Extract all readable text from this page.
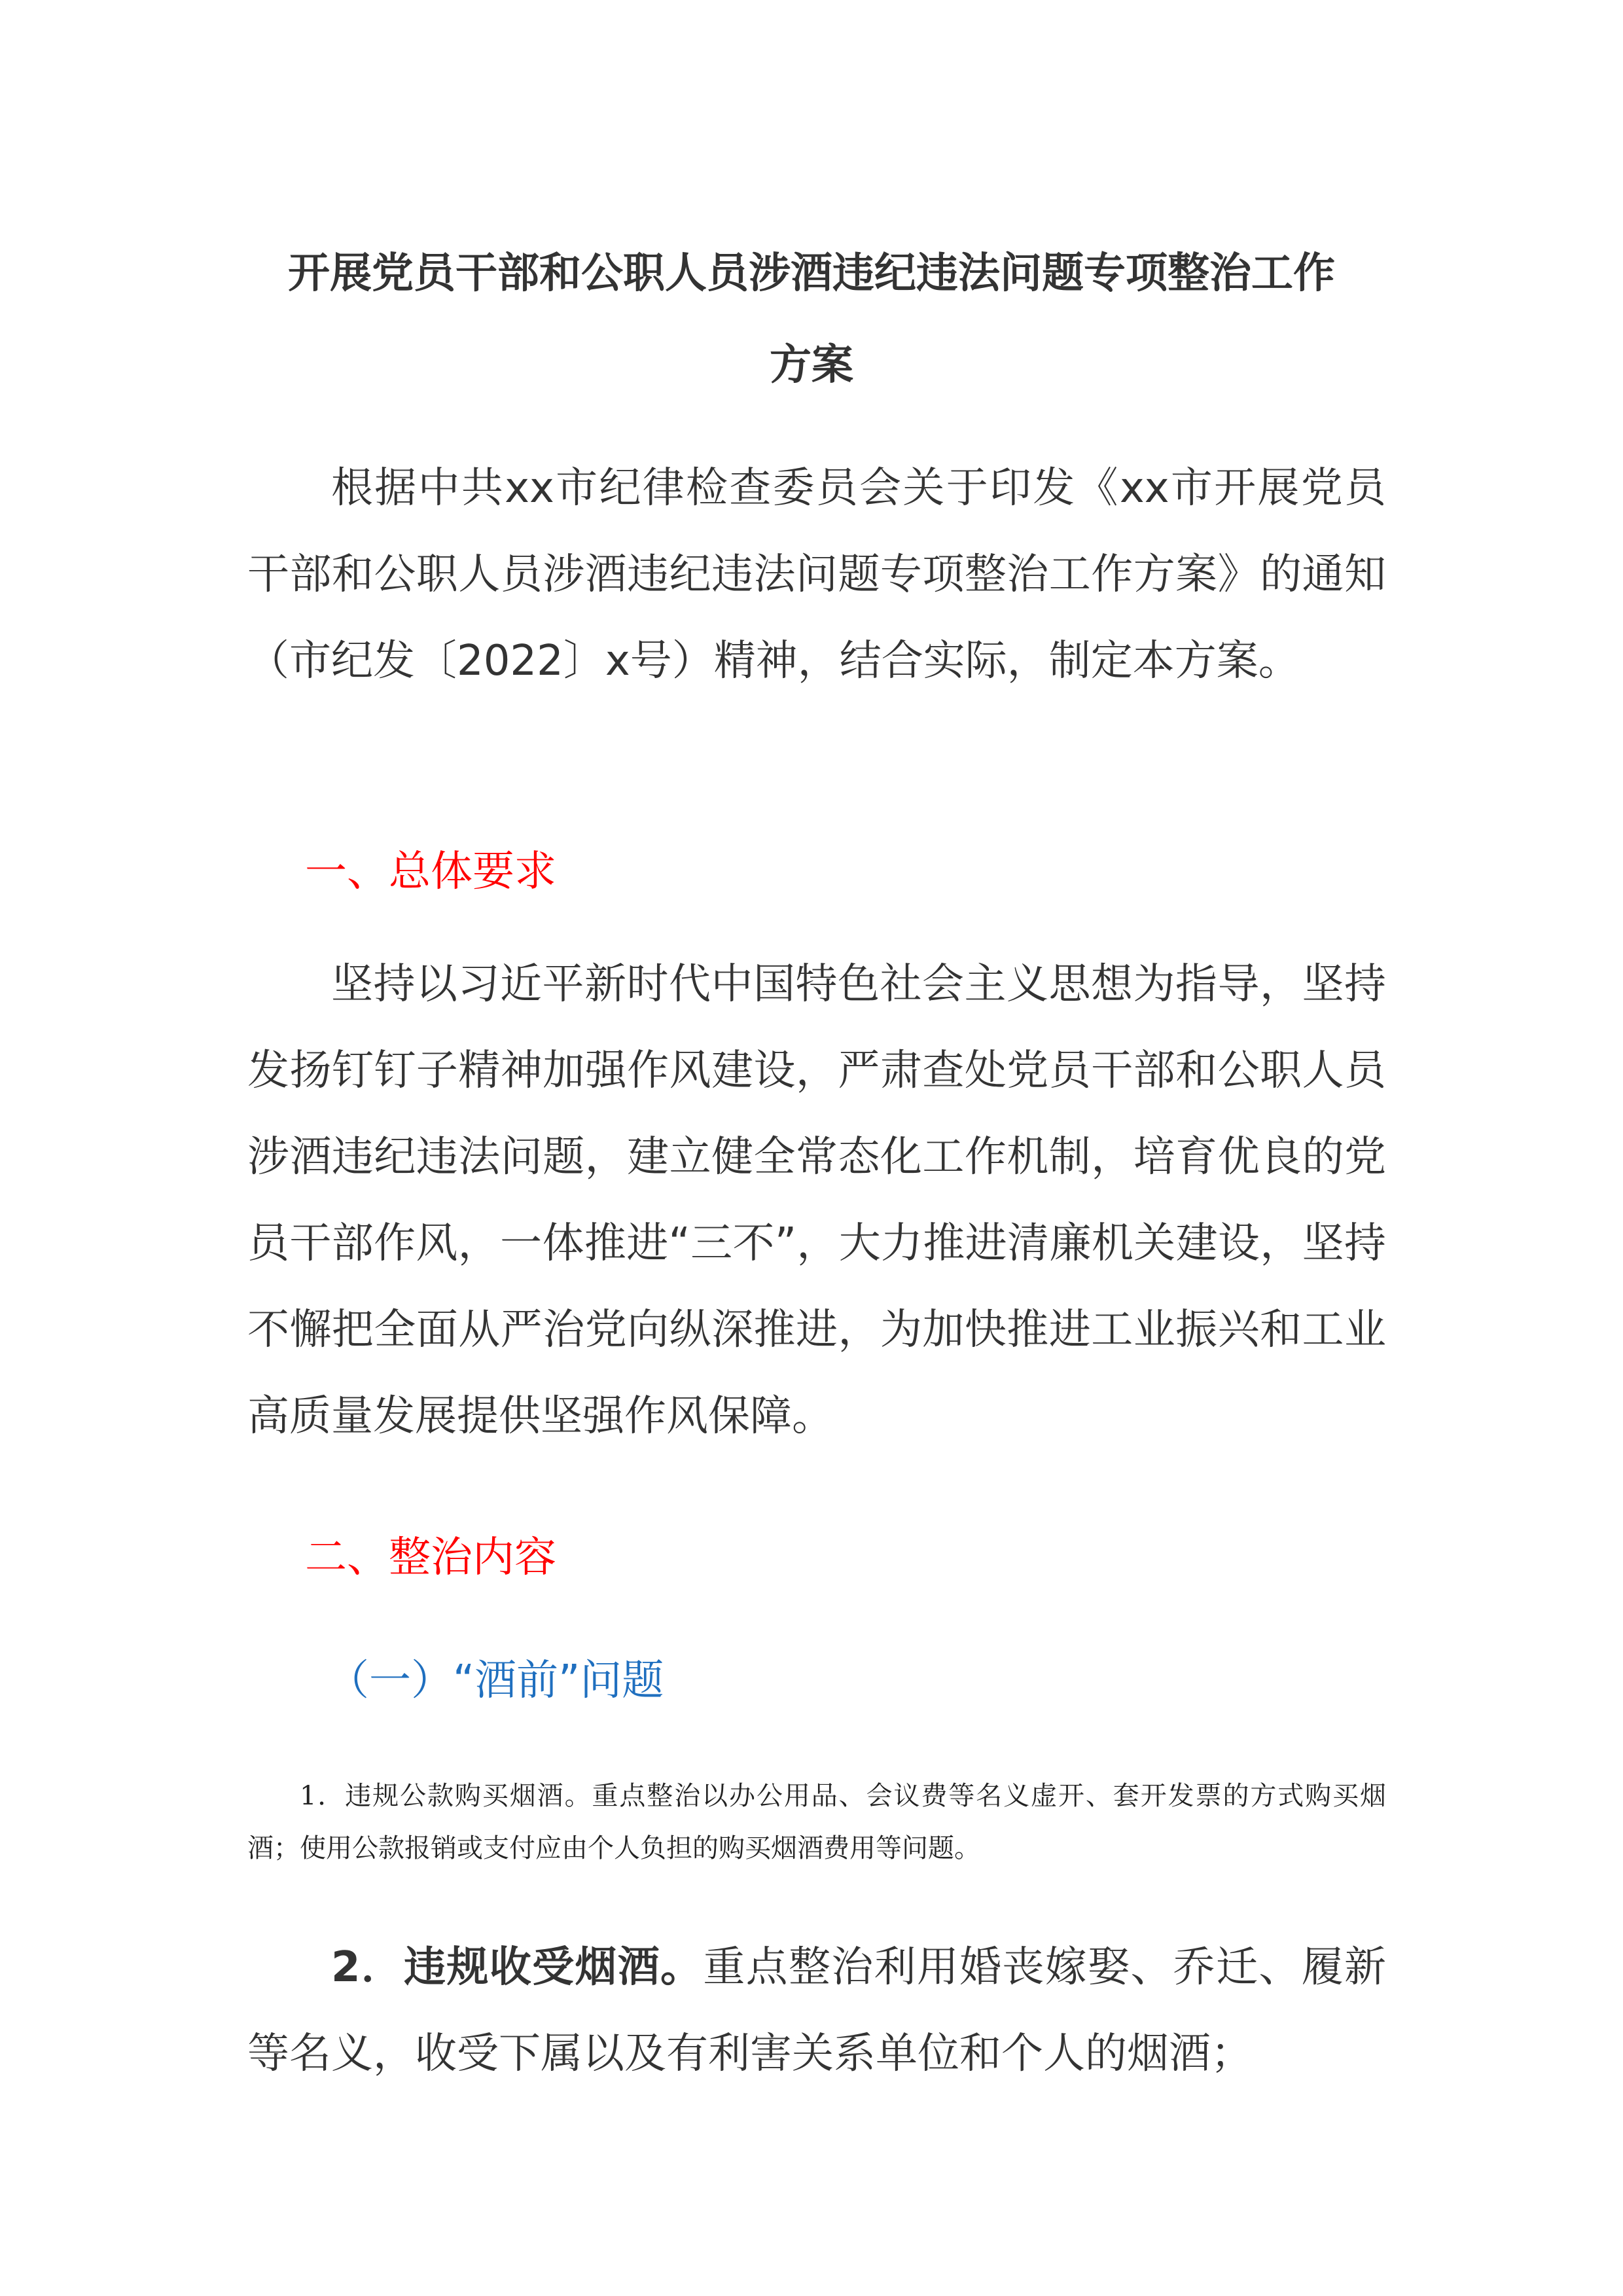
开展党员干部和公职人员涉酒违纪违法问题专项整治工作
方案
根据中共xx市纪律检查委员会关于印发《xx市开展党员干部和公职人员涉酒违纪违法问题专项整治工作方案》的通知（市纪发〔2022〕x号）精神，结合实际，制定本方案。
一、总体要求
坚持以习近平新时代中国特色社会主义思想为指导，坚持发扬钉钉子精神加强作风建设，严肃查处党员干部和公职人员涉酒违纪违法问题，建立健全常态化工作机制，培育优良的党员干部作风，一体推进“三不”，大力推进清廉机关建设，坚持不懈把全面从严治党向纵深推进，为加快推进工业振兴和工业高质量发展提供坚强作风保障。
二、整治内容
（一）“酒前”问题
1．违规公款购买烟酒。重点整治以办公用品、会议费等名义虚开、套开发票的方式购买烟酒；使用公款报销或支付应由个人负担的购买烟酒费用等问题。
2．违规收受烟酒。重点整治利用婚丧嫁娶、乔迁、履新等名义，收受下属以及有利害关系单位和个人的烟酒；
